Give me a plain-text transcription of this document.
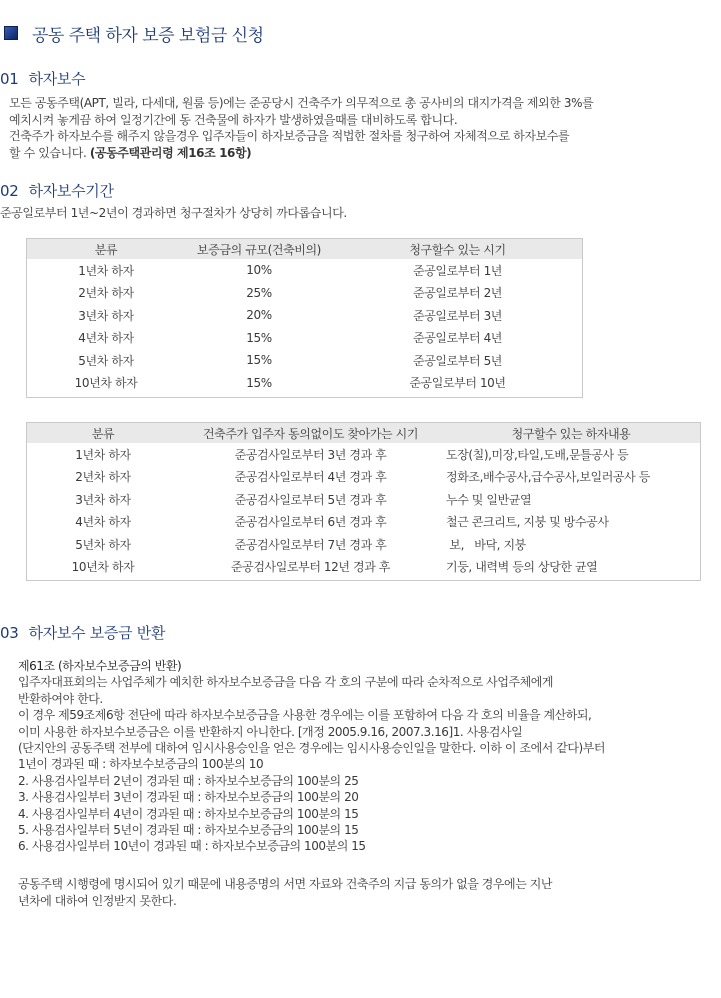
공동 주택 하자 보증 보험금 신청
01 하자보수
모든 공동주택(APT, 빌라, 다세대, 원룸 등)에는 준공당시 건축주가 의무적으로 총 공사비의 대지가격을 제외한 3%를
예치시켜 놓게끔 하여 일정기간에 동 건축물에 하자가 발생하였을때를 대비하도록 합니다.
건축주가 하자보수를 해주지 않을경우 입주자들이 하자보증금을 적법한 절차를 청구하여 자체적으로 하자보수를
할 수 있습니다. (공동주택관리령 제16조 16항)
02 하자보수기간
준공일로부터 1년~2년이 경과하면 청구절차가 상당히 까다롭습니다.
분류	보증금의 규모(건축비의)	청구할수 있는 시기
1년차 하자	10%	준공일로부터 1년
2년차 하자	25%	준공일로부터 2년
3년차 하자	20%	준공일로부터 3년
4년차 하자	15%	준공일로부터 4년
5년차 하자	15%	준공일로부터 5년
10년차 하자	15%	준공일로부터 10년
분류	건축주가 입주자 동의없이도 찾아가는 시기	청구할수 있는 하자내용
1년차 하자	준공검사일로부터 3년 경과 후	도장(칠),미장,타일,도배,문틀공사 등
2년차 하자	준공검사일로부터 4년 경과 후	정화조,배수공사,급수공사,보일러공사 등
3년차 하자	준공검사일로부터 5년 경과 후	누수 및 일반균열
4년차 하자	준공검사일로부터 6년 경과 후	철근 콘크리트, 지붕 및 방수공사
5년차 하자	준공검사일로부터 7년 경과 후	보,   바닥, 지붕
10년차 하자	준공검사일로부터 12년 경과 후	기둥, 내력벽 등의 상당한 균열
03 하자보수 보증금 반환
제61조 (하자보수보증금의 반환)
입주자대표회의는 사업주체가 예치한 하자보수보증금을 다음 각 호의 구분에 따라 순차적으로 사업주체에게
반환하여야 한다.
이 경우 제59조제6항 전단에 따라 하자보수보증금을 사용한 경우에는 이를 포함하여 다음 각 호의 비율을 계산하되,
이미 사용한 하자보수보증금은 이를 반환하지 아니한다. [개정 2005.9.16, 2007.3.16]1. 사용검사일
(단지안의 공동주택 전부에 대하여 임시사용승인을 얻은 경우에는 임시사용승인일을 말한다. 이하 이 조에서 같다)부터
1년이 경과된 때 : 하자보수보증금의 100분의 10
2. 사용검사일부터 2년이 경과된 때 : 하자보수보증금의 100분의 25
3. 사용검사일부터 3년이 경과된 때 : 하자보수보증금의 100분의 20
4. 사용검사일부터 4년이 경과된 때 : 하자보수보증금의 100분의 15
5. 사용검사일부터 5년이 경과된 때 : 하자보수보증금의 100분의 15
6. 사용검사일부터 10년이 경과된 때 : 하자보수보증금의 100분의 15
공동주택 시행령에 명시되어 있기 때문에 내용증명의 서면 자료와 건축주의 지급 동의가 없을 경우에는 지난
년차에 대하여 인정받지 못한다.
